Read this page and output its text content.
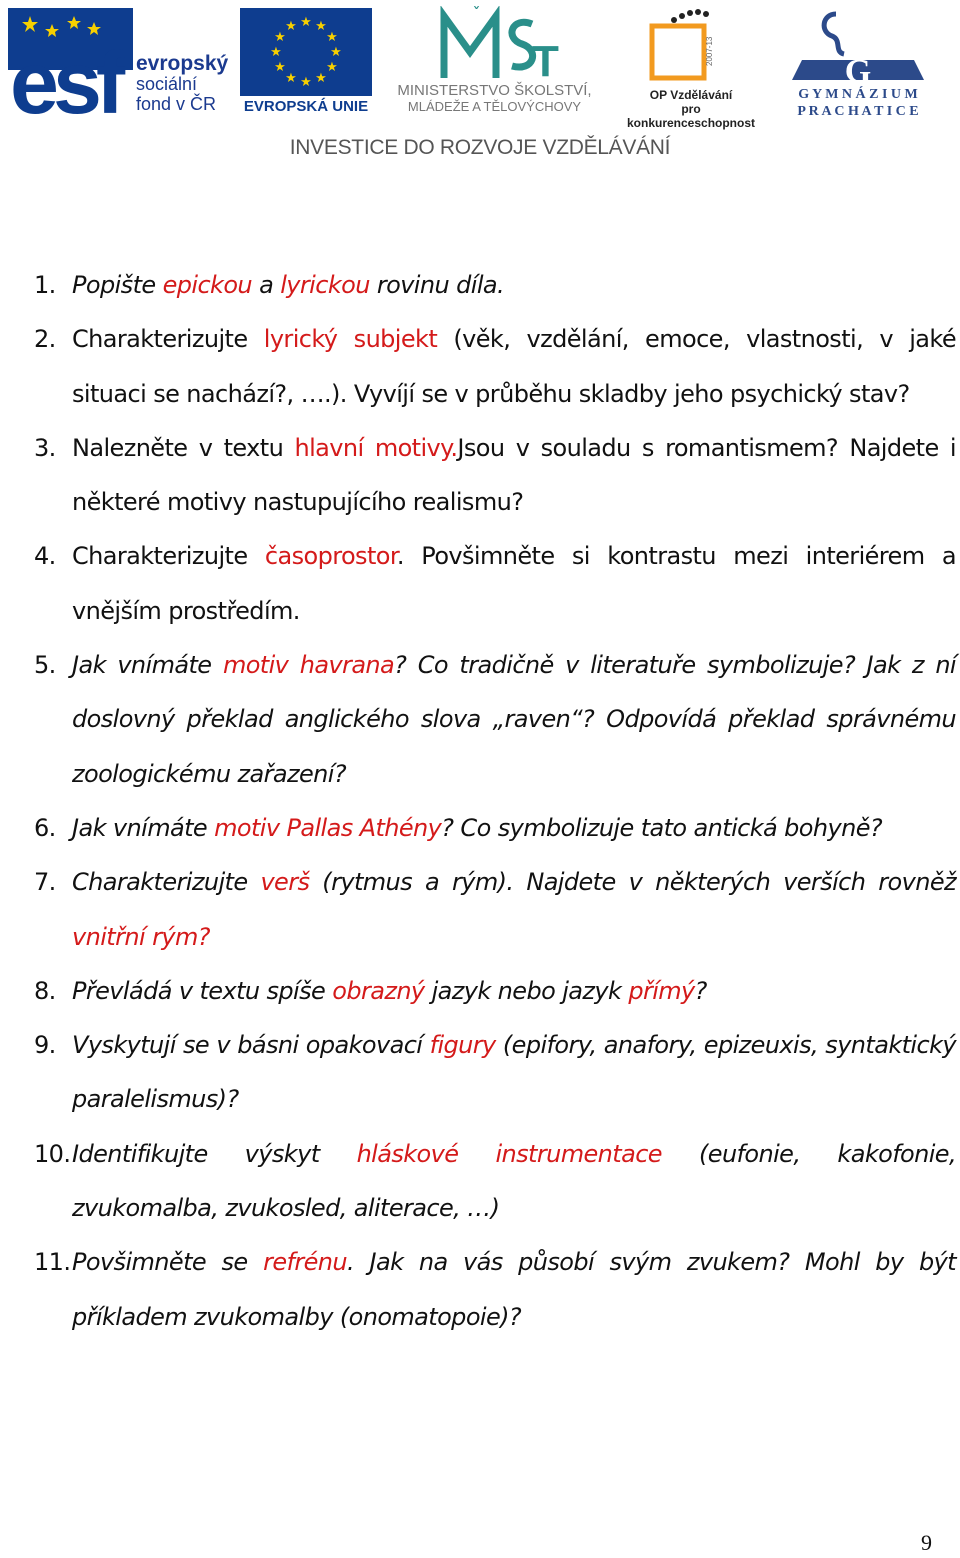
esf evropský
sociální
fond v ČR
★ ★
★
★
★
★
★
★
★
★
★
★
EVROPSKÁ UNIE
ˇ
T
MINISTERSTVO ŠKOLSTVÍ,
MLÁDEŽE A TĚLOVÝCHOVY
2007-13
OP Vzdělávání
pro konkurenceschopnost
G
G Y M N Á Z I U M
P R A C H A T I C E
INVESTICE DO ROZVOJE VZDĚLÁVÁNÍ
1. Popište epickou a lyrickou rovinu díla.
2. Charakterizujte lyrický subjekt (věk, vzdělání, emoce, vlastnosti, v jaké situaci se nachází?, ….). Vyvíjí se v průběhu skladby jeho psychický stav?
3. Nalezněte v textu hlavní motivy.Jsou v souladu s romantismem? Najdete i některé motivy nastupujícího realismu?
4. Charakterizujte časoprostor. Povšimněte si kontrastu mezi interiérem a vnějším prostředím.
5. Jak vnímáte motiv havrana? Co tradičně v literatuře symbolizuje? Jak z ní doslovný překlad anglického slova „raven“? Odpovídá překlad správnému zoologickému zařazení?
6. Jak vnímáte motiv Pallas Athény? Co symbolizuje tato antická bohyně?
7. Charakterizujte verš (rytmus a rým). Najdete v některých verších rovněž vnitřní rým?
8. Převládá v textu spíše obrazný jazyk nebo jazyk přímý?
9. Vyskytují se v básni opakovací figury (epifory, anafory, epizeuxis, syntaktický paralelismus)?
10. Identifikujte výskyt hláskové instrumentace (eufonie, kakofonie, zvukomalba, zvukosled, aliterace, …)
11. Povšimněte se refrénu. Jak na vás působí svým zvukem? Mohl by být příkladem zvukomalby (onomatopoie)?
9
